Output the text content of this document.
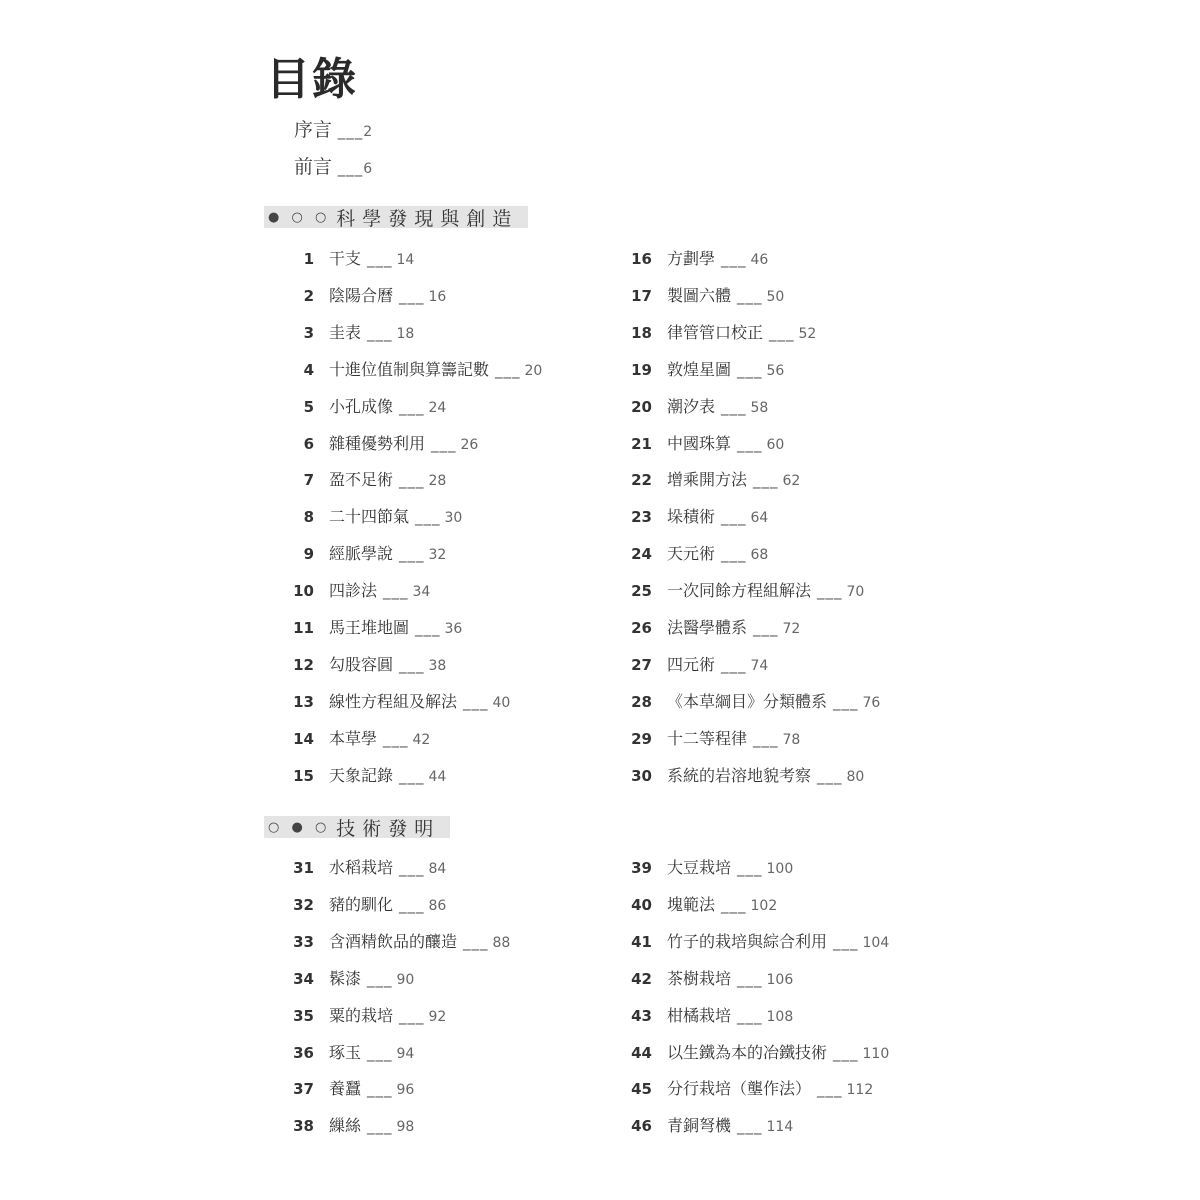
目錄
序言 ___2
前言 ___6
● ○ ○ 科學發現與創造
1 干支 ___ 14
2 陰陽合曆 ___ 16
3 圭表 ___ 18
4 十進位值制與算籌記數 ___ 20
5 小孔成像 ___ 24
6 雜種優勢利用 ___ 26
7 盈不足術 ___ 28
8 二十四節氣 ___ 30
9 經脈學說 ___ 32
10 四診法 ___ 34
11 馬王堆地圖 ___ 36
12 勾股容圓 ___ 38
13 線性方程組及解法 ___ 40
14 本草學 ___ 42
15 天象記錄 ___ 44
16 方劃學 ___ 46
17 製圖六體 ___ 50
18 律管管口校正 ___ 52
19 敦煌星圖 ___ 56
20 潮汐表 ___ 58
21 中國珠算 ___ 60
22 增乘開方法 ___ 62
23 垛積術 ___ 64
24 天元術 ___ 68
25 一次同餘方程組解法 ___ 70
26 法醫學體系 ___ 72
27 四元術 ___ 74
28 《本草綱目》分類體系 ___ 76
29 十二等程律 ___ 78
30 系統的岩溶地貌考察 ___ 80
○ ● ○ 技術發明
31 水稻栽培 ___ 84
32 豬的馴化 ___ 86
33 含酒精飲品的釀造 ___ 88
34 髹漆 ___ 90
35 粟的栽培 ___ 92
36 琢玉 ___ 94
37 養蠶 ___ 96
38 繅絲 ___ 98
39 大豆栽培 ___ 100
40 塊範法 ___ 102
41 竹子的栽培與綜合利用 ___ 104
42 茶樹栽培 ___ 106
43 柑橘栽培 ___ 108
44 以生鐵為本的冶鐵技術 ___ 110
45 分行栽培（壟作法） ___ 112
46 青銅弩機 ___ 114
